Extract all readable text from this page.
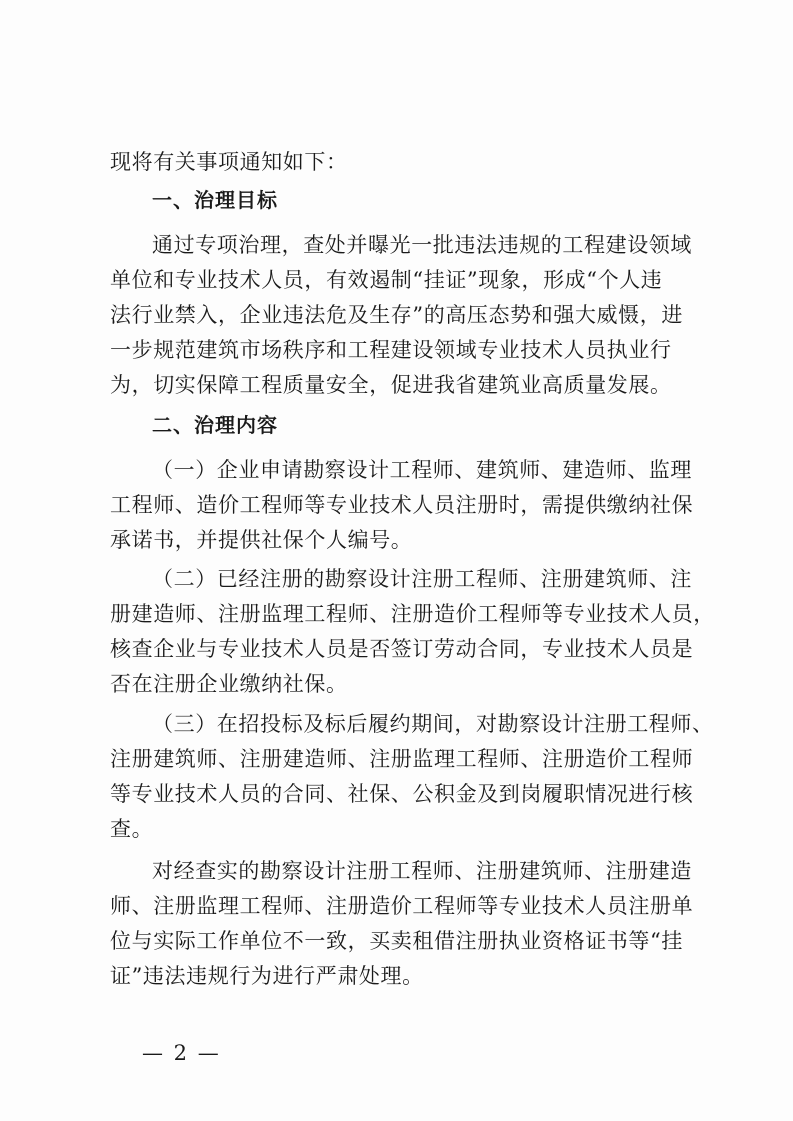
现将有关事项通知如下：
一、治理目标
通过专项治理，查处并曝光一批违法违规的工程建设领域
单位和专业技术人员，有效遏制“挂证”现象，形成“个人违
法行业禁入，企业违法危及生存”的高压态势和强大威慑，进
一步规范建筑市场秩序和工程建设领域专业技术人员执业行
为，切实保障工程质量安全，促进我省建筑业高质量发展。
二、治理内容
（一）企业申请勘察设计工程师、建筑师、建造师、监理
工程师、造价工程师等专业技术人员注册时，需提供缴纳社保
承诺书，并提供社保个人编号。
（二）已经注册的勘察设计注册工程师、注册建筑师、注
册建造师、注册监理工程师、注册造价工程师等专业技术人员，
核查企业与专业技术人员是否签订劳动合同，专业技术人员是
否在注册企业缴纳社保。
（三）在招投标及标后履约期间，对勘察设计注册工程师、
注册建筑师、注册建造师、注册监理工程师、注册造价工程师
等专业技术人员的合同、社保、公积金及到岗履职情况进行核
查。
对经查实的勘察设计注册工程师、注册建筑师、注册建造
师、注册监理工程师、注册造价工程师等专业技术人员注册单
位与实际工作单位不一致，买卖租借注册执业资格证书等“挂
证”违法违规行为进行严肃处理。
— 2 —
